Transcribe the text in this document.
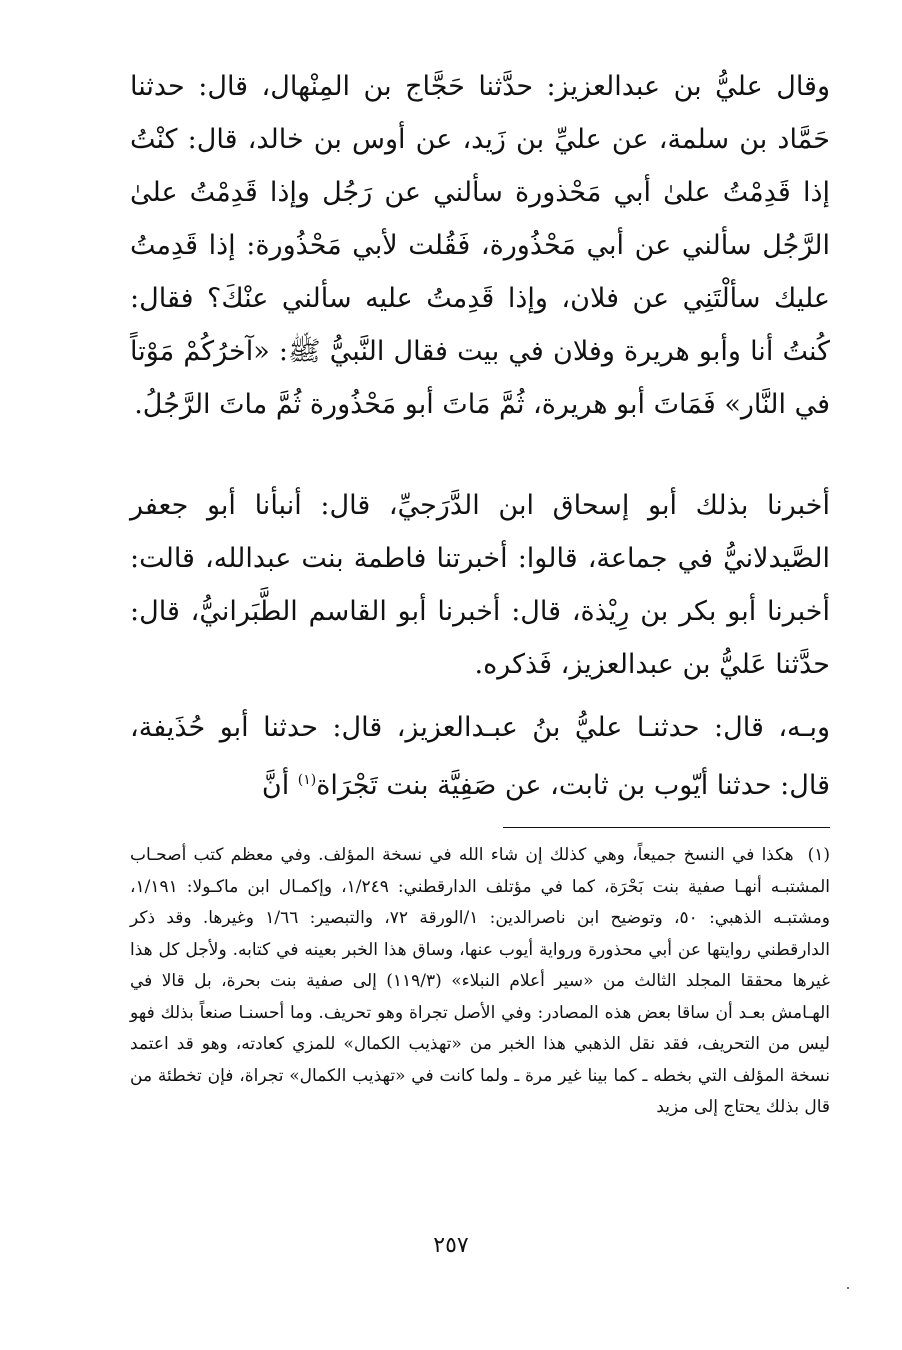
وقال عليُّ بن عبدالعزيز: حدَّثنا حَجَّاج بن المِنْهال، قال: حدثنا حَمَّاد بن سلمة، عن عليِّ بن زَيد، عن أوس بن خالد، قال: كنْتُ إذا قَدِمْتُ علىٰ أبي مَحْذورة سألني عن رَجُل وإذا قَدِمْتُ علىٰ الرَّجُل سألني عن أبي مَحْذُورة، فَقُلت لأبي مَحْذُورة: إذا قَدِمتُ عليك سألْتَنِي عن فلان، وإذا قَدِمتُ عليه سألني عنْكَ؟ فقال: كُنتُ أنا وأبو هريرة وفلان في بيت فقال النَّبيُّ ﷺ: «آخرُكُمْ مَوْتاً في النَّار» فَمَاتَ أبو هريرة، ثُمَّ مَاتَ أبو مَحْذُورة ثُمَّ ماتَ الرَّجُلُ.

أخبرنا بذلك أبو إسحاق ابن الدَّرَجيِّ، قال: أنبأنا أبو جعفر الصَّيدلانيُّ في جماعة، قالوا: أخبرتنا فاطمة بنت عبدالله، قالت: أخبرنا أبو بكر بن رِيْذة، قال: أخبرنا أبو القاسم الطَّبَرانيُّ، قال: حدَّثنا عَليُّ بن عبدالعزيز، فَذكره.

وبـه، قال: حدثنـا عليُّ بنُ عبـدالعزيز، قال: حدثنا أبو حُذَيفة، قال: حدثنا أيّوب بن ثابت، عن صَفِيَّة بنت تَجْرَاة$^{(١)}$ أنَّ

(١)هكذا في النسخ جميعاً، وهي كذلك إن شاء الله في نسخة المؤلف. وفي معظم كتب أصحـاب المشتبـه أنهـا صفية بنت بَحْرَة، كما في مؤتلف الدارقطني: ١/٢٤٩، وإكمـال ابن ماكـولا: ١/١٩١، ومشتبـه الذهبي: ٥٠، وتوضيح ابن ناصرالدين: ١/الورقة ٧٢، والتبصير: ١/٦٦ وغيرها. وقد ذكر الدارقطني روايتها عن أبي محذورة ورواية أيوب عنها، وساق هذا الخبر بعينه في كتابه. ولأجل كل هذا غيرها محققا المجلد الثالث من «سير أعلام النبلاء» (١١٩/٣) إلى صفية بنت بحرة، بل قالا في الهـامش بعـد أن ساقا بعض هذه المصادر: وفي الأصل تجراة وهو تحريف. وما أحسنـا صنعاً بذلك فهو ليس من التحريف، فقد نقل الذهبي هذا الخبر من «تهذيب الكمال» للمزي كعادته، وهو قد اعتمد نسخة المؤلف التي بخطه ـ كما بينا غير مرة ـ ولما كانت في «تهذيب الكمال» تجراة، فإن تخطئة من قال بذلك يحتاج إلى مزيد
٢٥٧
